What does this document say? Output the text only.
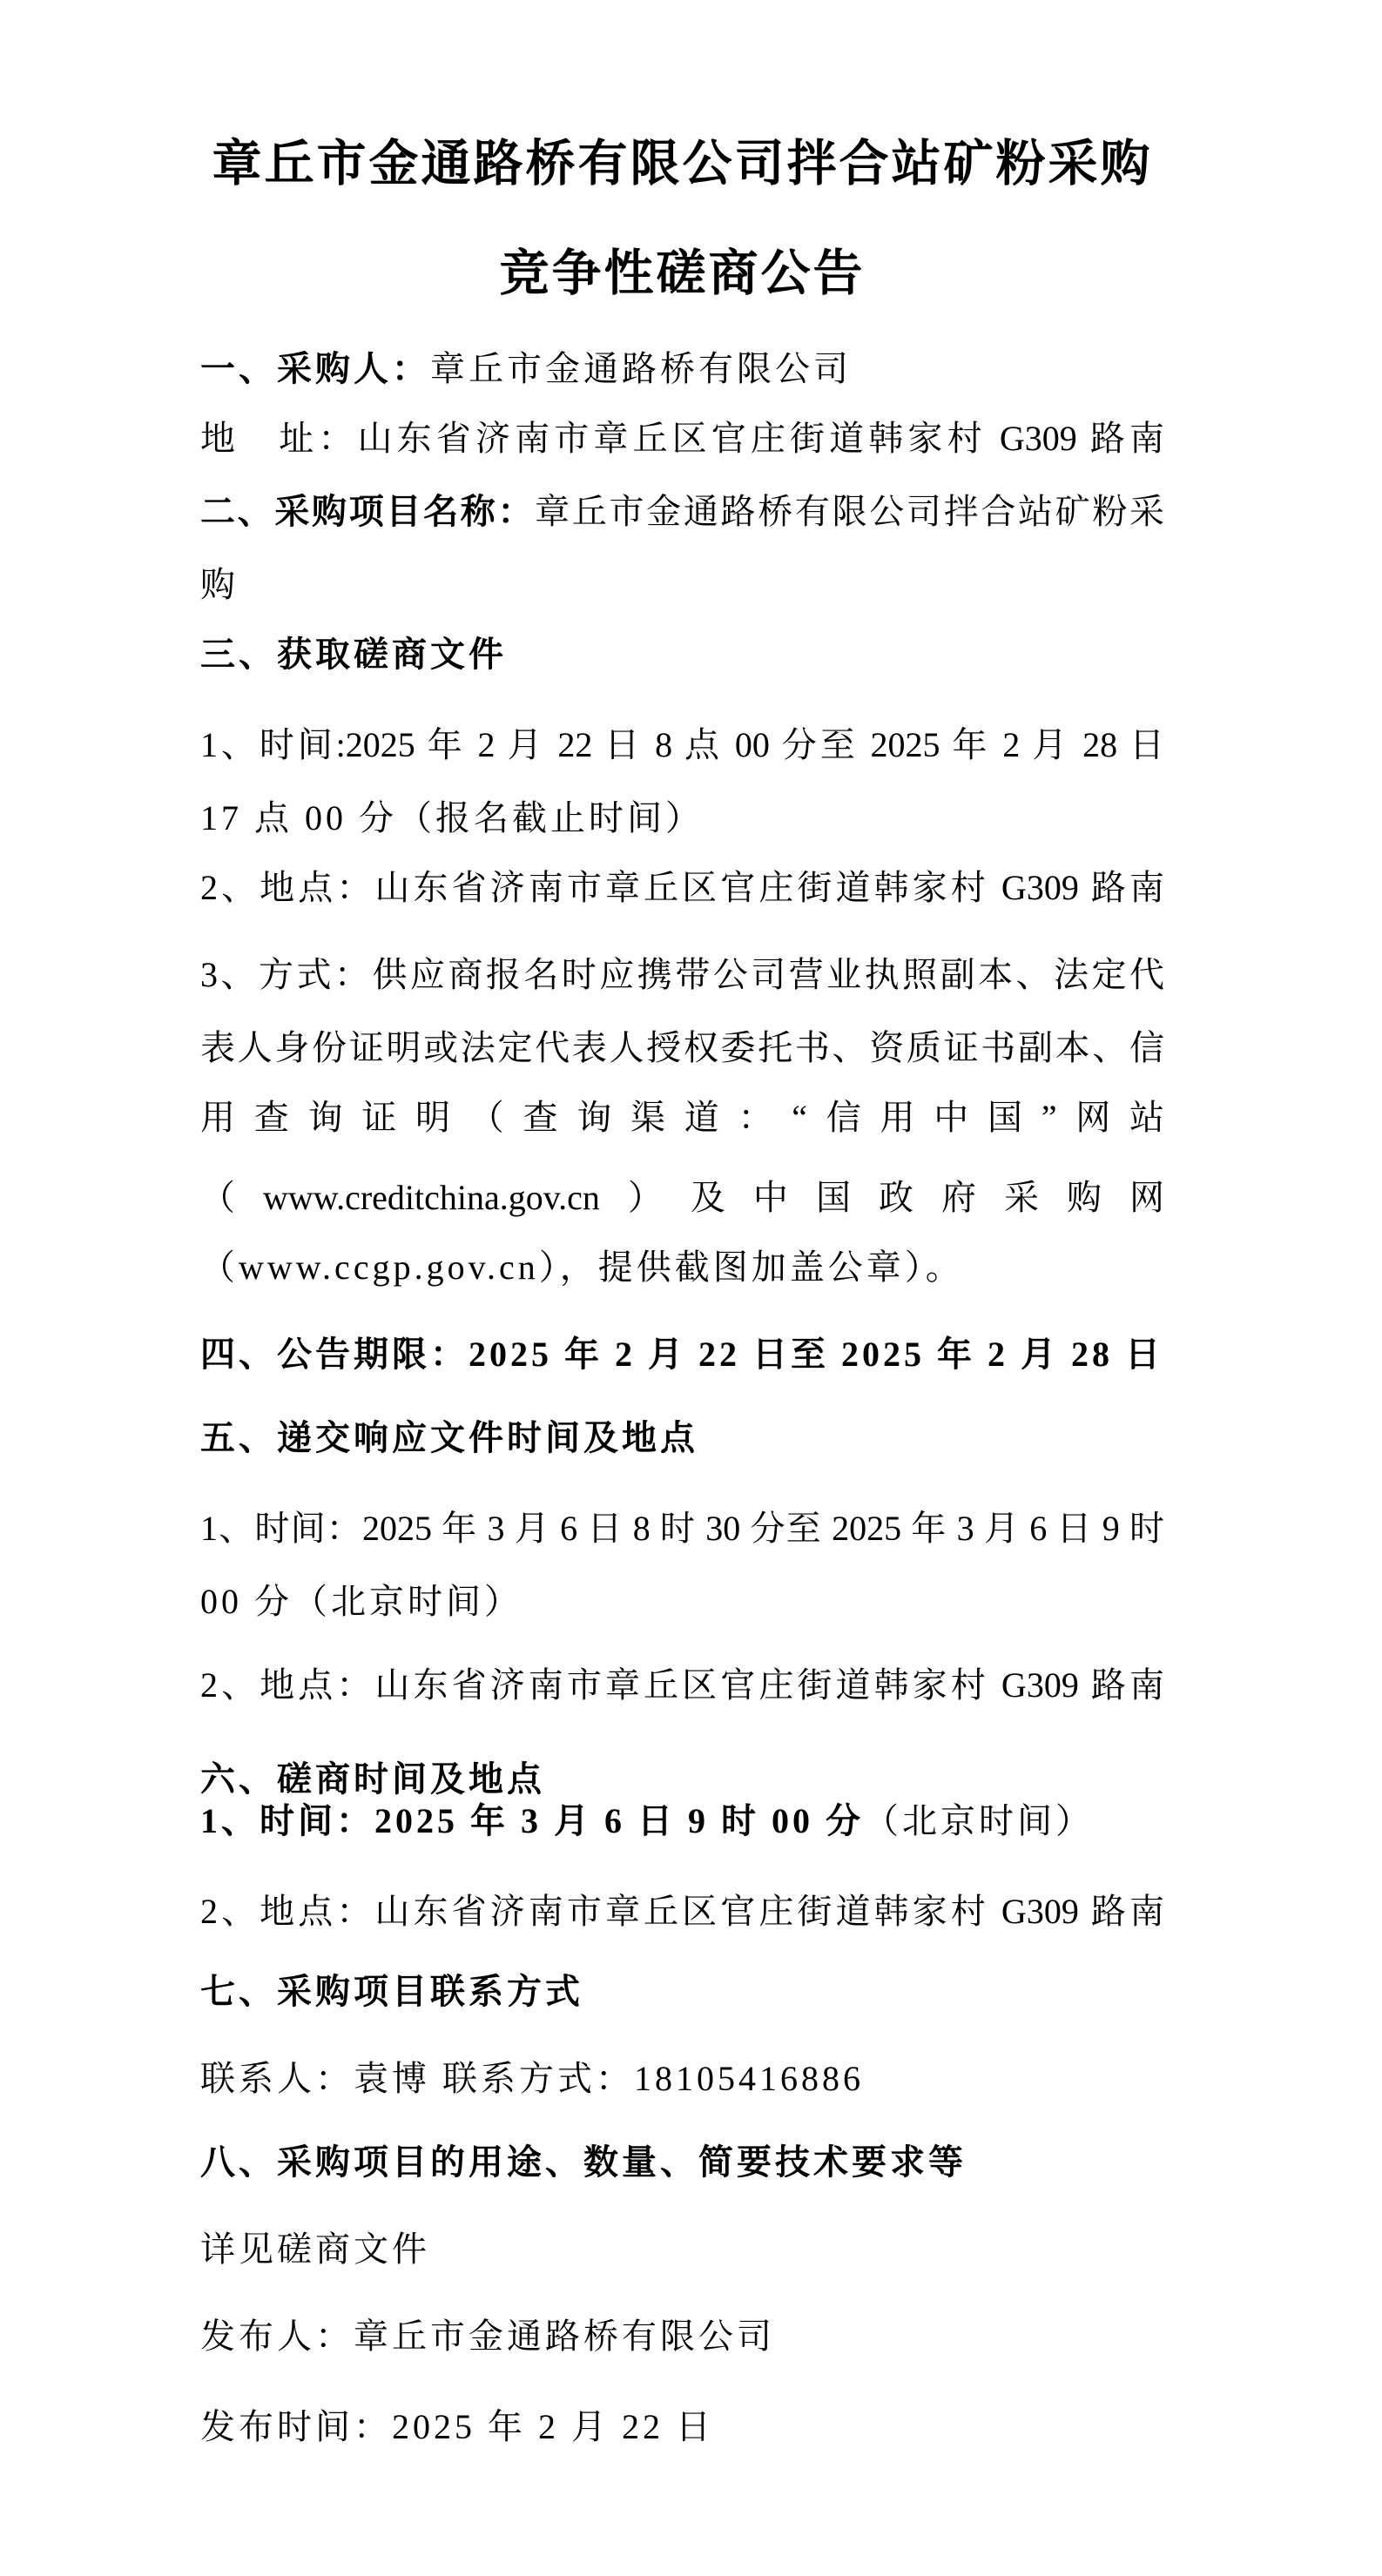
章丘市金通路桥有限公司拌合站矿粉采购
竞争性磋商公告

一、采购人：章丘市金通路桥有限公司

地　址：山东省济南市章丘区官庄街道韩家村 G309 路南

二、采购项目名称：章丘市金通路桥有限公司拌合站矿粉采

购

三、获取磋商文件

1、时间:2025 年 2 月 22 日 8 点 00 分至 2025 年 2 月 28 日

17 点 00 分（报名截止时间）

2、地点：山东省济南市章丘区官庄街道韩家村 G309 路南

3、方式：供应商报名时应携带公司营业执照副本、法定代

表人身份证明或法定代表人授权委托书、资质证书副本、信

用查询证明（查询渠道：“信用中国”网站

（www.creditchina.gov.cn）及中国政府采购网

（www.ccgp.gov.cn），提供截图加盖公章）。

四、公告期限：2025 年 2 月 22 日至 2025 年 2 月 28 日

五、递交响应文件时间及地点

1、时间：2025 年 3 月 6 日 8 时 30 分至 2025 年 3 月 6 日 9 时

00 分（北京时间）

2、地点：山东省济南市章丘区官庄街道韩家村 G309 路南

六、磋商时间及地点

1、时间：2025 年 3 月 6 日 9 时 00 分（北京时间）

2、地点：山东省济南市章丘区官庄街道韩家村 G309 路南

七、采购项目联系方式

联系人：袁博 联系方式：18105416886

八、采购项目的用途、数量、简要技术要求等

详见磋商文件

发布人：章丘市金通路桥有限公司

发布时间：2025 年 2 月 22 日
